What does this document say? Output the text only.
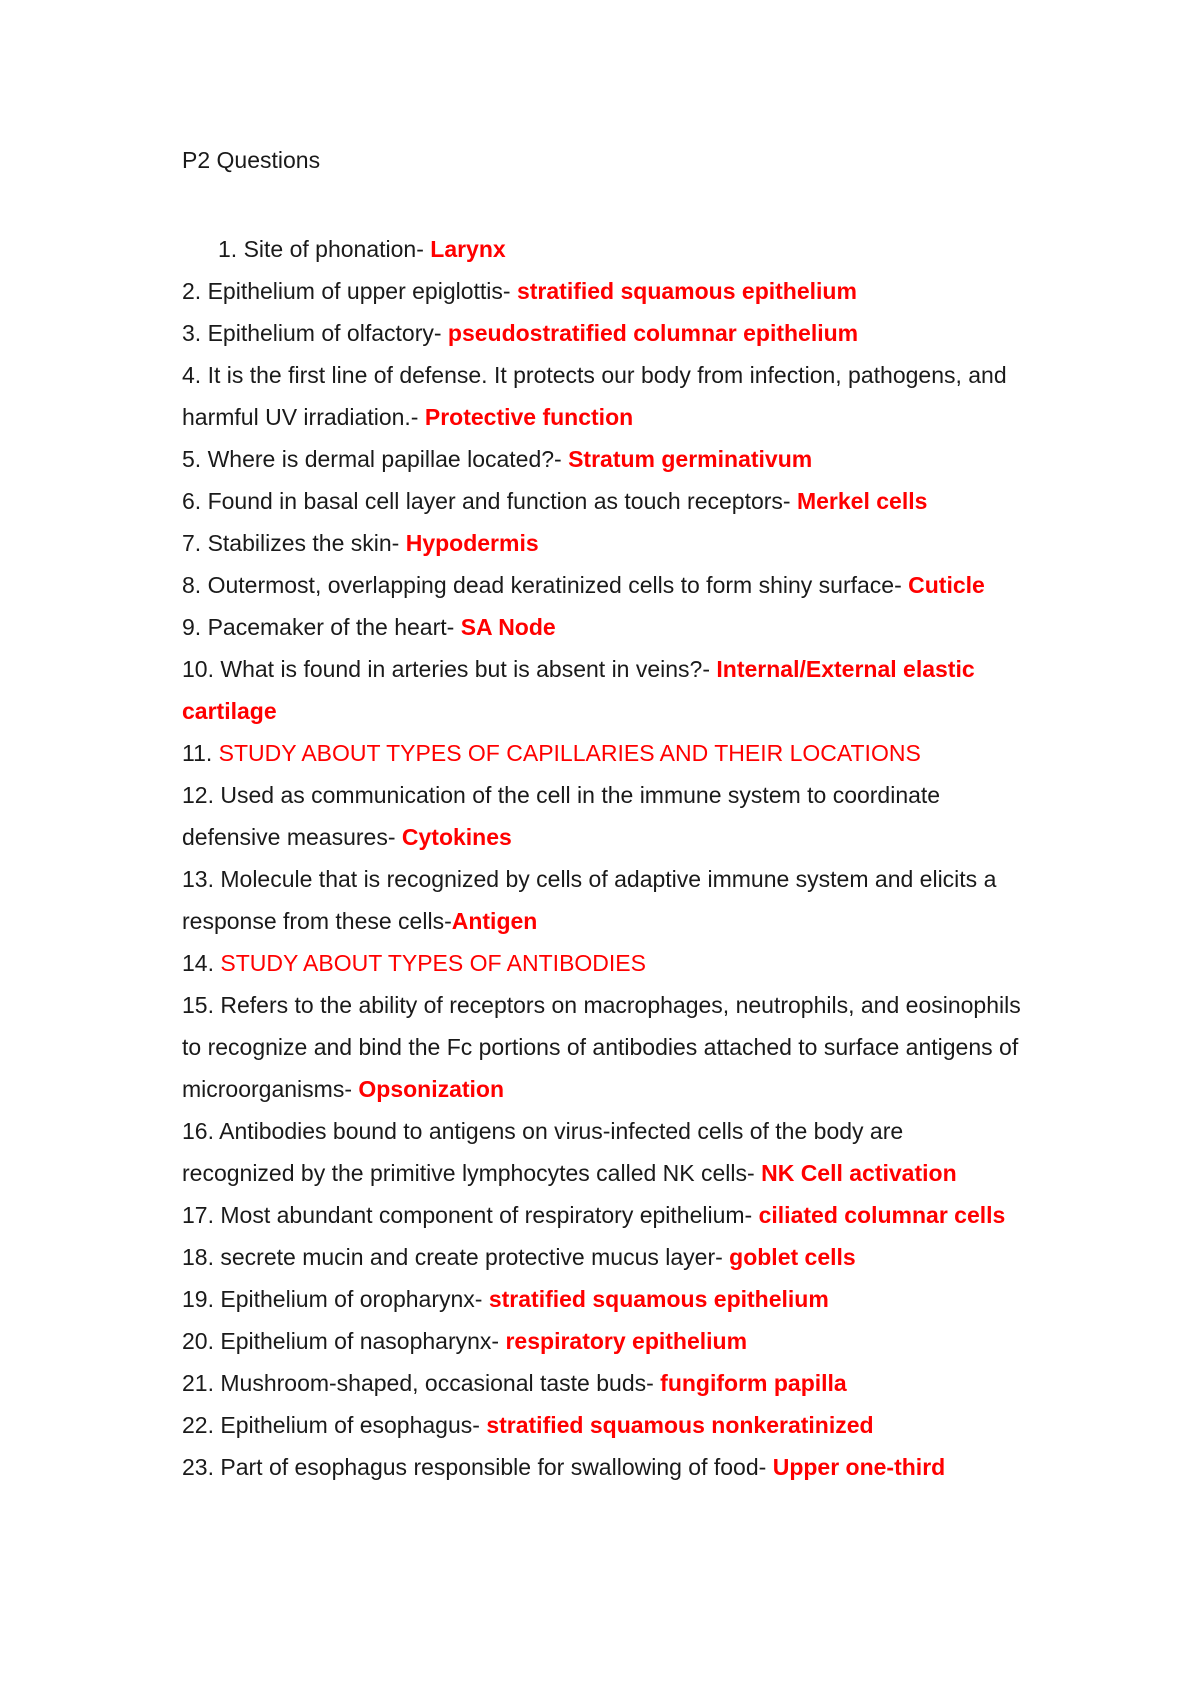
P2 Questions
1. Site of phonation- Larynx
2. Epithelium of upper epiglottis- stratified squamous epithelium
3. Epithelium of olfactory- pseudostratified columnar epithelium
4. It is the first line of defense. It protects our body from infection, pathogens, and harmful UV irradiation.- Protective function
5. Where is dermal papillae located?- Stratum germinativum
6. Found in basal cell layer and function as touch receptors- Merkel cells
7. Stabilizes the skin- Hypodermis
8. Outermost, overlapping dead keratinized cells to form shiny surface- Cuticle
9. Pacemaker of the heart- SA Node
10. What is found in arteries but is absent in veins?- Internal/External elastic cartilage
11. STUDY ABOUT TYPES OF CAPILLARIES AND THEIR LOCATIONS
12. Used as communication of the cell in the immune system to coordinate defensive measures- Cytokines
13. Molecule that is recognized by cells of adaptive immune system and elicits a response from these cells-Antigen
14. STUDY ABOUT TYPES OF ANTIBODIES
15. Refers to the ability of receptors on macrophages, neutrophils, and eosinophils to recognize and bind the Fc portions of antibodies attached to surface antigens of microorganisms- Opsonization
16. Antibodies bound to antigens on virus-infected cells of the body are recognized by the primitive lymphocytes called NK cells- NK Cell activation
17. Most abundant component of respiratory epithelium- ciliated columnar cells
18. secrete mucin and create protective mucus layer- goblet cells
19. Epithelium of oropharynx- stratified squamous epithelium
20. Epithelium of nasopharynx- respiratory epithelium
21. Mushroom-shaped, occasional taste buds- fungiform papilla
22. Epithelium of esophagus- stratified squamous nonkeratinized
23. Part of esophagus responsible for swallowing of food- Upper one-third
